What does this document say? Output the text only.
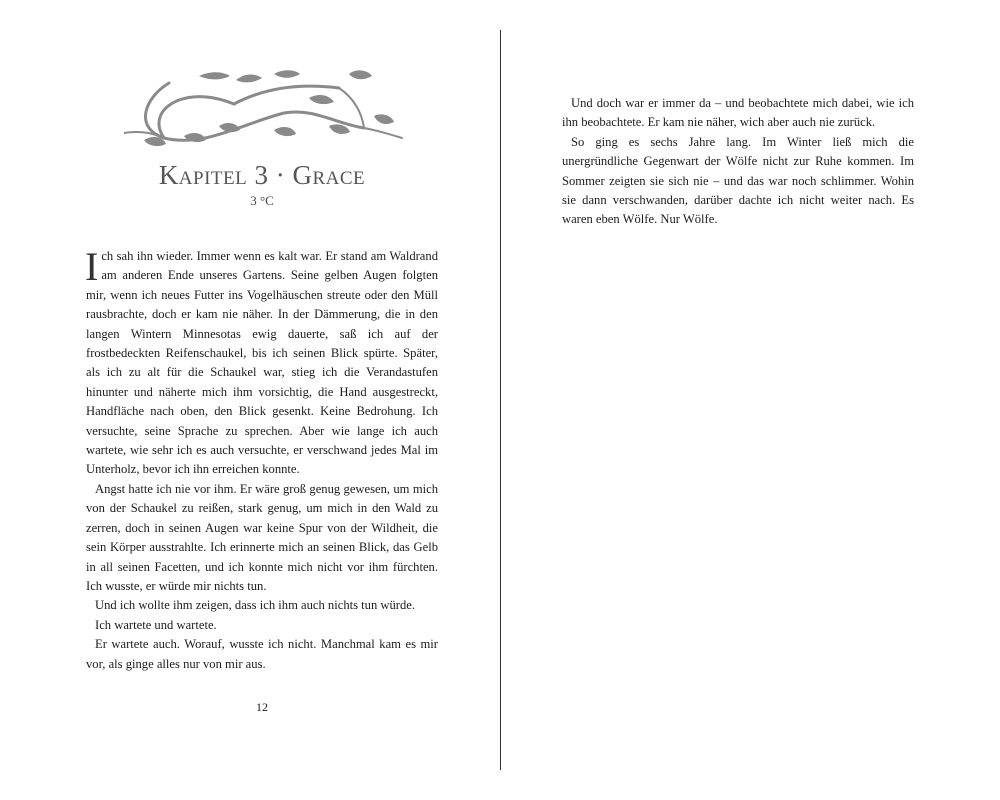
Kapitel 3 · Grace
3 °C

Ich sah ihn wieder. Immer wenn es kalt war. Er stand am Waldrand am anderen Ende unseres Gartens. Seine gelben Augen folgten mir, wenn ich neues Futter ins Vogelhäuschen streute oder den Müll rausbrachte, doch er kam nie näher. In der Dämmerung, die in den langen Wintern Minnesotas ewig dauerte, saß ich auf der frostbedeckten Reifenschaukel, bis ich seinen Blick spürte. Später, als ich zu alt für die Schaukel war, stieg ich die Verandastufen hinunter und näherte mich ihm vorsichtig, die Hand ausgestreckt, Handfläche nach oben, den Blick gesenkt. Keine Bedrohung. Ich versuchte, seine Sprache zu sprechen. Aber wie lange ich auch wartete, wie sehr ich es auch versuchte, er verschwand jedes Mal im Unterholz, bevor ich ihn erreichen konnte.

Angst hatte ich nie vor ihm. Er wäre groß genug gewesen, um mich von der Schaukel zu reißen, stark genug, um mich in den Wald zu zerren, doch in seinen Augen war keine Spur von der Wildheit, die sein Körper ausstrahlte. Ich erinnerte mich an seinen Blick, das Gelb in all seinen Facetten, und ich konnte mich nicht vor ihm fürchten. Ich wusste, er würde mir nichts tun.

Und ich wollte ihm zeigen, dass ich ihm auch nichts tun würde.

Ich wartete und wartete.

Er wartete auch. Worauf, wusste ich nicht. Manchmal kam es mir vor, als ginge alles nur von mir aus.

12

Und doch war er immer da – und beobachtete mich dabei, wie ich ihn beobachtete. Er kam nie näher, wich aber auch nie zurück.

So ging es sechs Jahre lang. Im Winter ließ mich die unergründliche Gegenwart der Wölfe nicht zur Ruhe kommen. Im Sommer zeigten sie sich nie – und das war noch schlimmer. Wohin sie dann verschwanden, darüber dachte ich nicht weiter nach. Es waren eben Wölfe. Nur Wölfe.
